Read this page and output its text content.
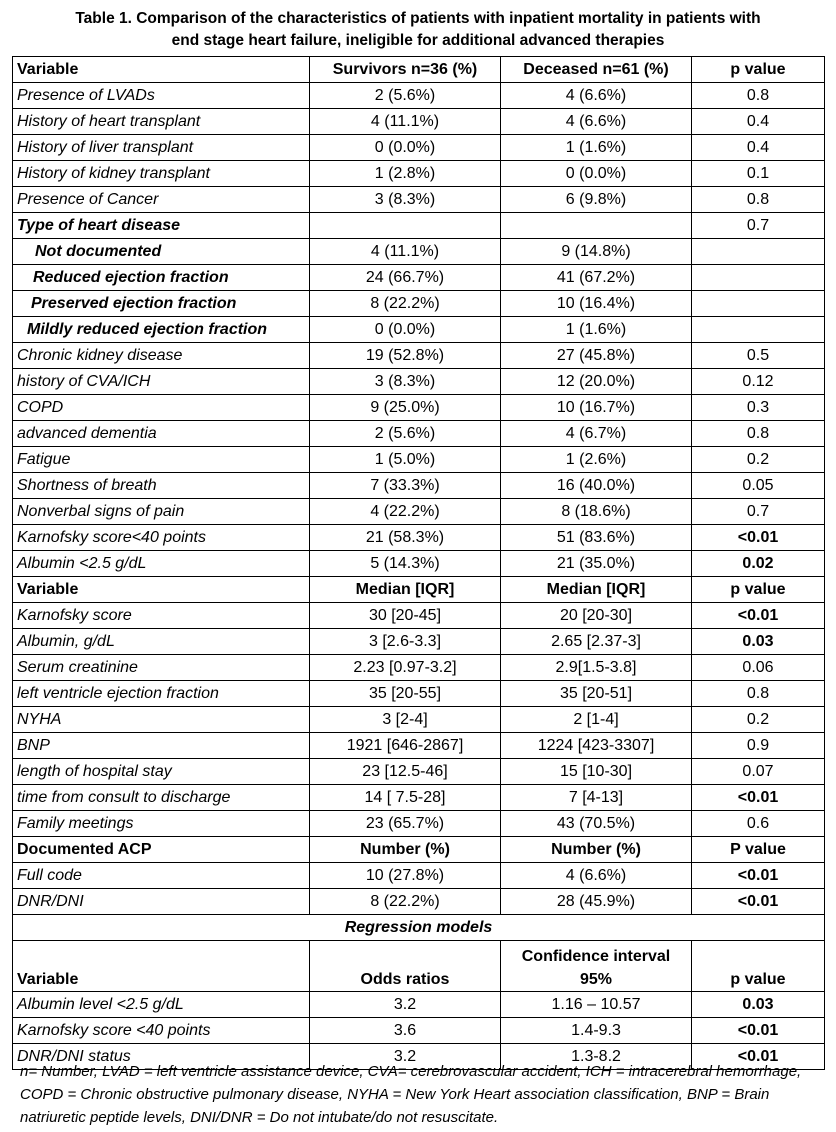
Table 1. Comparison of the characteristics of patients with inpatient mortality in patients with
end stage heart failure, ineligible for additional advanced therapies
Variable	Survivors n=36 (%)	Deceased n=61 (%)	p value
Presence of LVADs	2 (5.6%)	4 (6.6%)	0.8
History of heart transplant	4 (11.1%)	4 (6.6%)	0.4
History of liver transplant	0 (0.0%)	1 (1.6%)	0.4
History of kidney transplant	1 (2.8%)	0 (0.0%)	0.1
Presence of Cancer	3 (8.3%)	6 (9.8%)	0.8
Type of heart disease			0.7
Not documented	4 (11.1%)	9 (14.8%)	
Reduced ejection fraction	24 (66.7%)	41 (67.2%)	
Preserved ejection fraction	8 (22.2%)	10 (16.4%)	
Mildly reduced ejection fraction	0 (0.0%)	1 (1.6%)	
Chronic kidney disease	19 (52.8%)	27 (45.8%)	0.5
history of CVA/ICH	3 (8.3%)	12 (20.0%)	0.12
COPD	9 (25.0%)	10 (16.7%)	0.3
advanced dementia	2 (5.6%)	4 (6.7%)	0.8
Fatigue	1 (5.0%)	1 (2.6%)	0.2
Shortness of breath	7 (33.3%)	16 (40.0%)	0.05
Nonverbal signs of pain	4 (22.2%)	8 (18.6%)	0.7
Karnofsky score<40 points	21 (58.3%)	51 (83.6%)	<0.01
Albumin <2.5 g/dL	5 (14.3%)	21 (35.0%)	0.02
Variable	Median [IQR]	Median [IQR]	p value
Karnofsky score	30 [20-45]	20 [20-30]	<0.01
Albumin, g/dL	3 [2.6-3.3]	2.65 [2.37-3]	0.03
Serum creatinine	2.23 [0.97-3.2]	2.9[1.5-3.8]	0.06
left ventricle ejection fraction	35 [20-55]	35 [20-51]	0.8
NYHA	3 [2-4]	2 [1-4]	0.2
BNP	1921 [646-2867]	1224 [423-3307]	0.9
length of hospital stay	23 [12.5-46]	15 [10-30]	0.07
time from consult to discharge	14 [ 7.5-28]	7 [4-13]	<0.01
Family meetings	23 (65.7%)	43 (70.5%)	0.6
Documented ACP	Number (%)	Number (%)	P value
Full code	10 (27.8%)	4 (6.6%)	<0.01
DNR/DNI	8 (22.2%)	28 (45.9%)	<0.01
Regression models			
Variable	Odds ratios	Confidence interval 95%	p value
Albumin level <2.5 g/dL	3.2	1.16 – 10.57	0.03
Karnofsky score <40 points	3.6	1.4-9.3	<0.01
DNR/DNI status	3.2	1.3-8.2	<0.01
n= Number, LVAD = left ventricle assistance device, CVA= cerebrovascular accident, ICH = intracerebral hemorrhage, COPD = Chronic obstructive pulmonary disease, NYHA = New York Heart association classification, BNP = Brain natriuretic peptide levels, DNI/DNR = Do not intubate/do not resuscitate.
